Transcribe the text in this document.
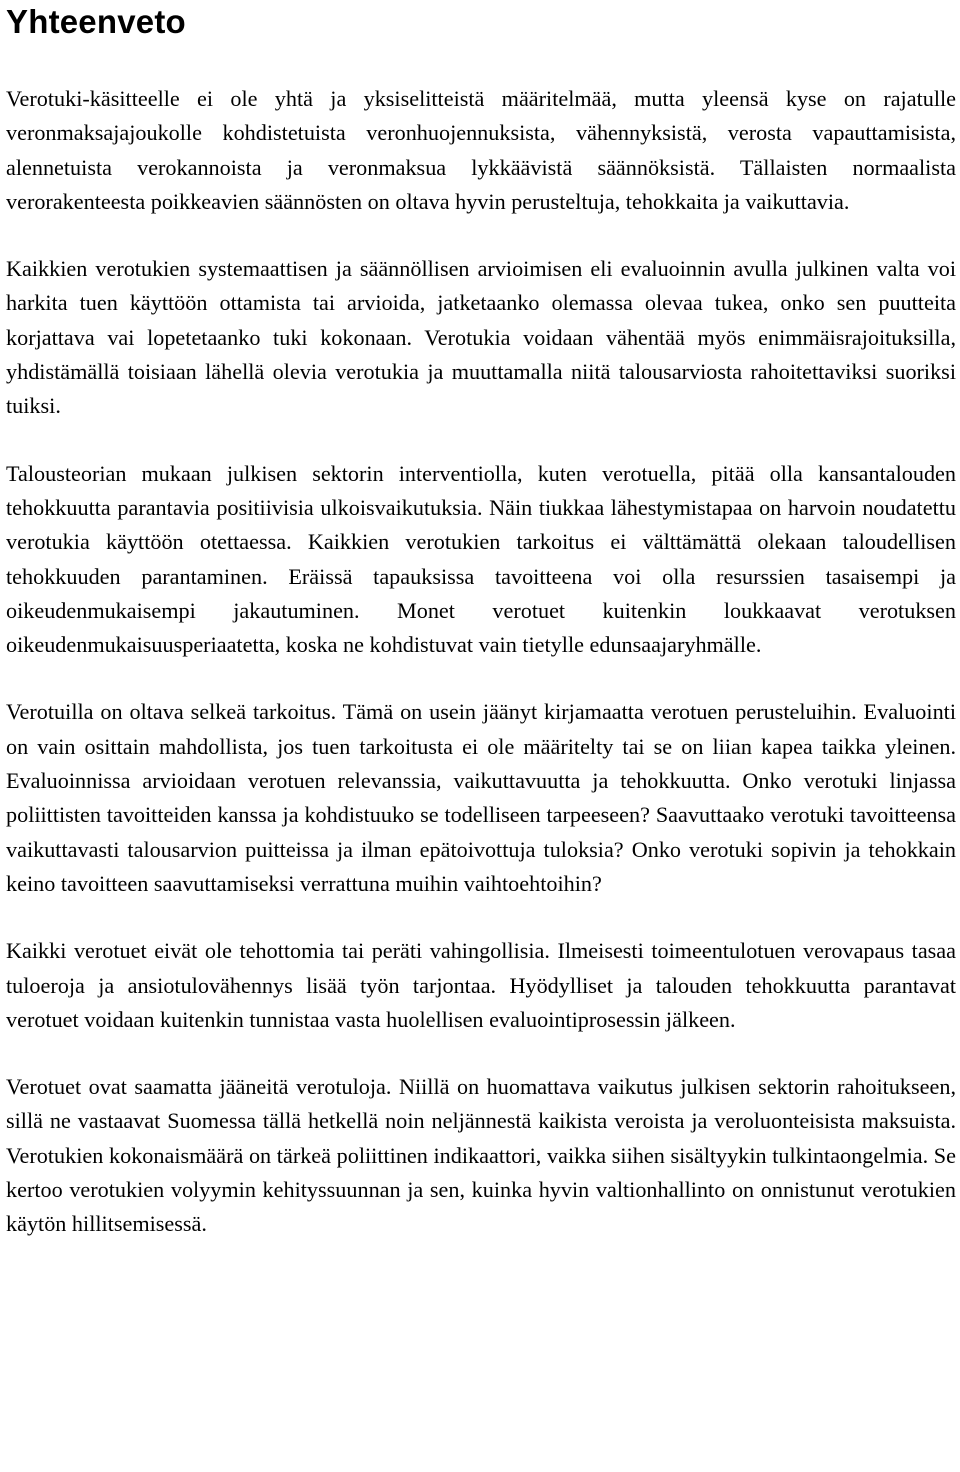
Yhteenveto

Verotuki-käsitteelle ei ole yhtä ja yksiselitteistä määritelmää, mutta yleensä kyse on rajatulle veronmaksajajoukolle kohdistetuista veronhuojennuksista, vähennyksistä, verosta vapauttamisista, alennetuista verokannoista ja veronmaksua lykkäävistä säännöksistä. Tällaisten normaalista verorakenteesta poikkeavien säännösten on oltava hyvin perusteltuja, tehokkaita ja vaikuttavia.

Kaikkien verotukien systemaattisen ja säännöllisen arvioimisen eli evaluoinnin avulla julkinen valta voi harkita tuen käyttöön ottamista tai arvioida, jatketaanko olemassa olevaa tukea, onko sen puutteita korjattava vai lopetetaanko tuki kokonaan. Verotukia voidaan vähentää myös enimmäisrajoituksilla, yhdistämällä toisiaan lähellä olevia verotukia ja muuttamalla niitä talousarviosta rahoitettaviksi suoriksi tuiksi.

Talousteorian mukaan julkisen sektorin interventiolla, kuten verotuella, pitää olla kansantalouden tehokkuutta parantavia positiivisia ulkoisvaikutuksia. Näin tiukkaa lähestymistapaa on harvoin noudatettu verotukia käyttöön otettaessa. Kaikkien verotukien tarkoitus ei välttämättä olekaan taloudellisen tehokkuuden parantaminen. Eräissä tapauksissa tavoitteena voi olla resurssien tasaisempi ja oikeudenmukaisempi jakautuminen. Monet verotuet kuitenkin loukkaavat verotuksen oikeudenmukaisuusperiaatetta, koska ne kohdistuvat vain tietylle edunsaajaryhmälle.

Verotuilla on oltava selkeä tarkoitus. Tämä on usein jäänyt kirjamaatta verotuen perusteluihin. Evaluointi on vain osittain mahdollista, jos tuen tarkoitusta ei ole määritelty tai se on liian kapea taikka yleinen. Evaluoinnissa arvioidaan verotuen relevanssia, vaikuttavuutta ja tehokkuutta. Onko verotuki linjassa poliittisten tavoitteiden kanssa ja kohdistuuko se todelliseen tarpeeseen? Saavuttaako verotuki tavoitteensa vaikuttavasti talousarvion puitteissa ja ilman epätoivottuja tuloksia? Onko verotuki sopivin ja tehokkain keino tavoitteen saavuttamiseksi verrattuna muihin vaihtoehtoihin?

Kaikki verotuet eivät ole tehottomia tai peräti vahingollisia. Ilmeisesti toimeentulotuen verovapaus tasaa tuloeroja ja ansiotulovähennys lisää työn tarjontaa. Hyödylliset ja talouden tehokkuutta parantavat verotuet voidaan kuitenkin tunnistaa vasta huolellisen evaluointiprosessin jälkeen.

Verotuet ovat saamatta jääneitä verotuloja. Niillä on huomattava vaikutus julkisen sektorin rahoitukseen, sillä ne vastaavat Suomessa tällä hetkellä noin neljännestä kaikista veroista ja veroluonteisista maksuista. Verotukien kokonaismäärä on tärkeä poliittinen indikaattori, vaikka siihen sisältyykin tulkintaongelmia. Se kertoo verotukien volyymin kehityssuunnan ja sen, kuinka hyvin valtionhallinto on onnistunut verotukien käytön hillitsemisessä.
